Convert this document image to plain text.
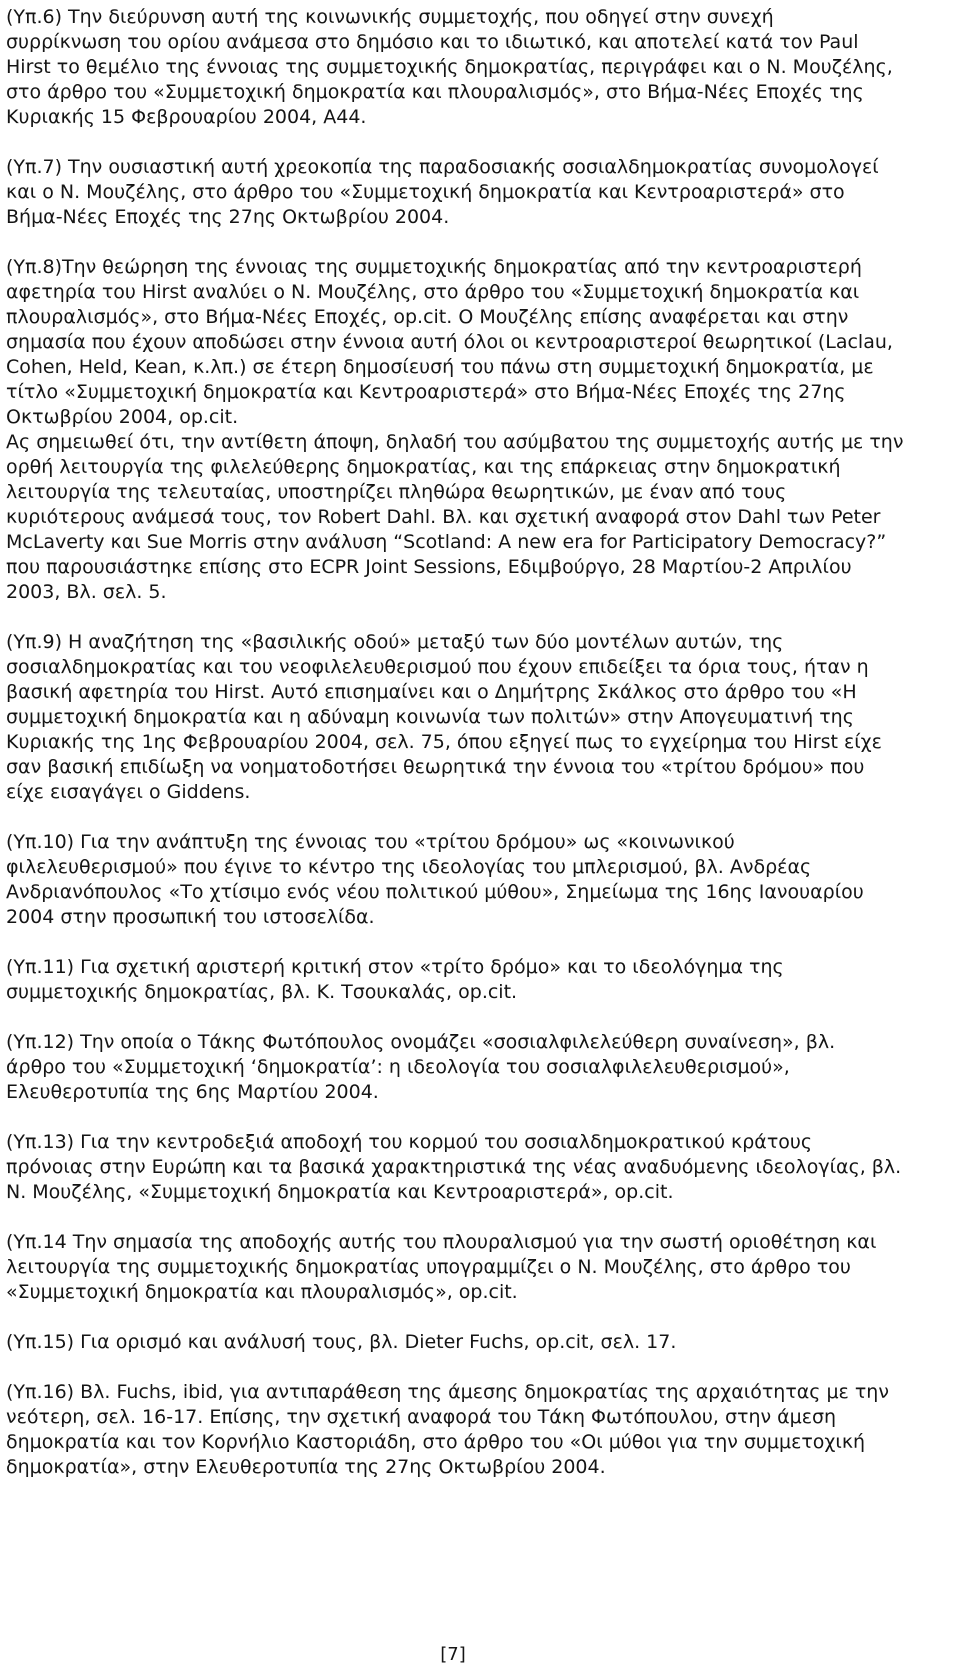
(Υπ.6) Την διεύρυνση αυτή της κοινωνικής συμμετοχής, που οδηγεί στην συνεχή
συρρίκνωση του ορίου ανάμεσα στο δημόσιο και το ιδιωτικό, και αποτελεί κατά τον Paul
Hirst το θεμέλιο της έννοιας της συμμετοχικής δημοκρατίας, περιγράφει και ο Ν. Μουζέλης,
στο άρθρο του «Συμμετοχική δημοκρατία και πλουραλισμός», στο Βήμα-Νέες Εποχές της
Κυριακής 15 Φεβρουαρίου 2004, Α44.
(Υπ.7) Την ουσιαστική αυτή χρεοκοπία της παραδοσιακής σοσιαλδημοκρατίας συνομολογεί
και ο Ν. Μουζέλης, στο άρθρο του «Συμμετοχική δημοκρατία και Κεντροαριστερά» στο
Βήμα-Νέες Εποχές της 27ης Οκτωβρίου 2004.
(Υπ.8)Την θεώρηση της έννοιας της συμμετοχικής δημοκρατίας από την κεντροαριστερή
αφετηρία του Hirst αναλύει ο Ν. Μουζέλης, στο άρθρο του «Συμμετοχική δημοκρατία και
πλουραλισμός», στο Βήμα-Νέες Εποχές, op.cit. Ο Μουζέλης επίσης αναφέρεται και στην
σημασία που έχουν αποδώσει στην έννοια αυτή όλοι οι κεντροαριστεροί θεωρητικοί (Laclau,
Cohen, Held, Kean, κ.λπ.) σε έτερη δημοσίευσή του πάνω στη συμμετοχική δημοκρατία, με
τίτλο «Συμμετοχική δημοκρατία και Κεντροαριστερά» στο Βήμα-Νέες Εποχές της 27ης
Οκτωβρίου 2004, op.cit.
Ας σημειωθεί ότι, την αντίθετη άποψη, δηλαδή του ασύμβατου της συμμετοχής αυτής με την
ορθή λειτουργία της φιλελεύθερης δημοκρατίας, και της επάρκειας στην δημοκρατική
λειτουργία της τελευταίας, υποστηρίζει πληθώρα θεωρητικών, με έναν από τους
κυριότερους ανάμεσά τους, τον Robert Dahl. Βλ. και σχετική αναφορά στον Dahl των Peter
McLaverty και Sue Morris στην ανάλυση “Scotland: A new era for Participatory Democracy?”
που παρουσιάστηκε επίσης στο ECPR Joint Sessions, Εδιμβούργο, 28 Μαρτίου-2 Απριλίου
2003, Βλ. σελ. 5.
(Υπ.9) Η αναζήτηση της «βασιλικής οδού» μεταξύ των δύο μοντέλων αυτών, της
σοσιαλδημοκρατίας και του νεοφιλελευθερισμού που έχουν επιδείξει τα όρια τους, ήταν η
βασική αφετηρία του Hirst. Αυτό επισημαίνει και ο Δημήτρης Σκάλκος στο άρθρο του «Η
συμμετοχική δημοκρατία και η αδύναμη κοινωνία των πολιτών» στην Απογευματινή της
Κυριακής της 1ης Φεβρουαρίου 2004, σελ. 75, όπου εξηγεί πως το εγχείρημα του Hirst είχε
σαν βασική επιδίωξη να νοηματοδοτήσει θεωρητικά την έννοια του «τρίτου δρόμου» που
είχε εισαγάγει ο Giddens.
(Υπ.10) Για την ανάπτυξη της έννοιας του «τρίτου δρόμου» ως «κοινωνικού
φιλελευθερισμού» που έγινε το κέντρο της ιδεολογίας του μπλερισμού, βλ. Ανδρέας
Ανδριανόπουλος «Το χτίσιμο ενός νέου πολιτικού μύθου», Σημείωμα της 16ης Ιανουαρίου
2004 στην προσωπική του ιστοσελίδα.
(Υπ.11) Για σχετική αριστερή κριτική στον «τρίτο δρόμο» και το ιδεολόγημα της
συμμετοχικής δημοκρατίας, βλ. Κ. Τσουκαλάς, op.cit.
(Υπ.12) Την οποία ο Τάκης Φωτόπουλος ονομάζει «σοσιαλφιλελεύθερη συναίνεση», βλ.
άρθρο του «Συμμετοχική ‘δημοκρατία’: η ιδεολογία του σοσιαλφιλελευθερισμού»,
Ελευθεροτυπία της 6ης Μαρτίου 2004.
(Υπ.13) Για την κεντροδεξιά αποδοχή του κορμού του σοσιαλδημοκρατικού κράτους
πρόνοιας στην Ευρώπη και τα βασικά χαρακτηριστικά της νέας αναδυόμενης ιδεολογίας, βλ.
Ν. Μουζέλης, «Συμμετοχική δημοκρατία και Κεντροαριστερά», op.cit.
(Υπ.14 Την σημασία της αποδοχής αυτής του πλουραλισμού για την σωστή οριοθέτηση και
λειτουργία της συμμετοχικής δημοκρατίας υπογραμμίζει ο Ν. Μουζέλης, στο άρθρο του
«Συμμετοχική δημοκρατία και πλουραλισμός», op.cit.
(Υπ.15) Για ορισμό και ανάλυσή τους, βλ. Dieter Fuchs, op.cit, σελ. 17.
(Υπ.16) Βλ. Fuchs, ibid, για αντιπαράθεση της άμεσης δημοκρατίας της αρχαιότητας με την
νεότερη, σελ. 16-17. Επίσης, την σχετική αναφορά του Τάκη Φωτόπουλου, στην άμεση
δημοκρατία και τον Κορνήλιο Καστοριάδη, στο άρθρο του «Οι μύθοι για την συμμετοχική
δημοκρατία», στην Ελευθεροτυπία της 27ης Οκτωβρίου 2004.
[7]
